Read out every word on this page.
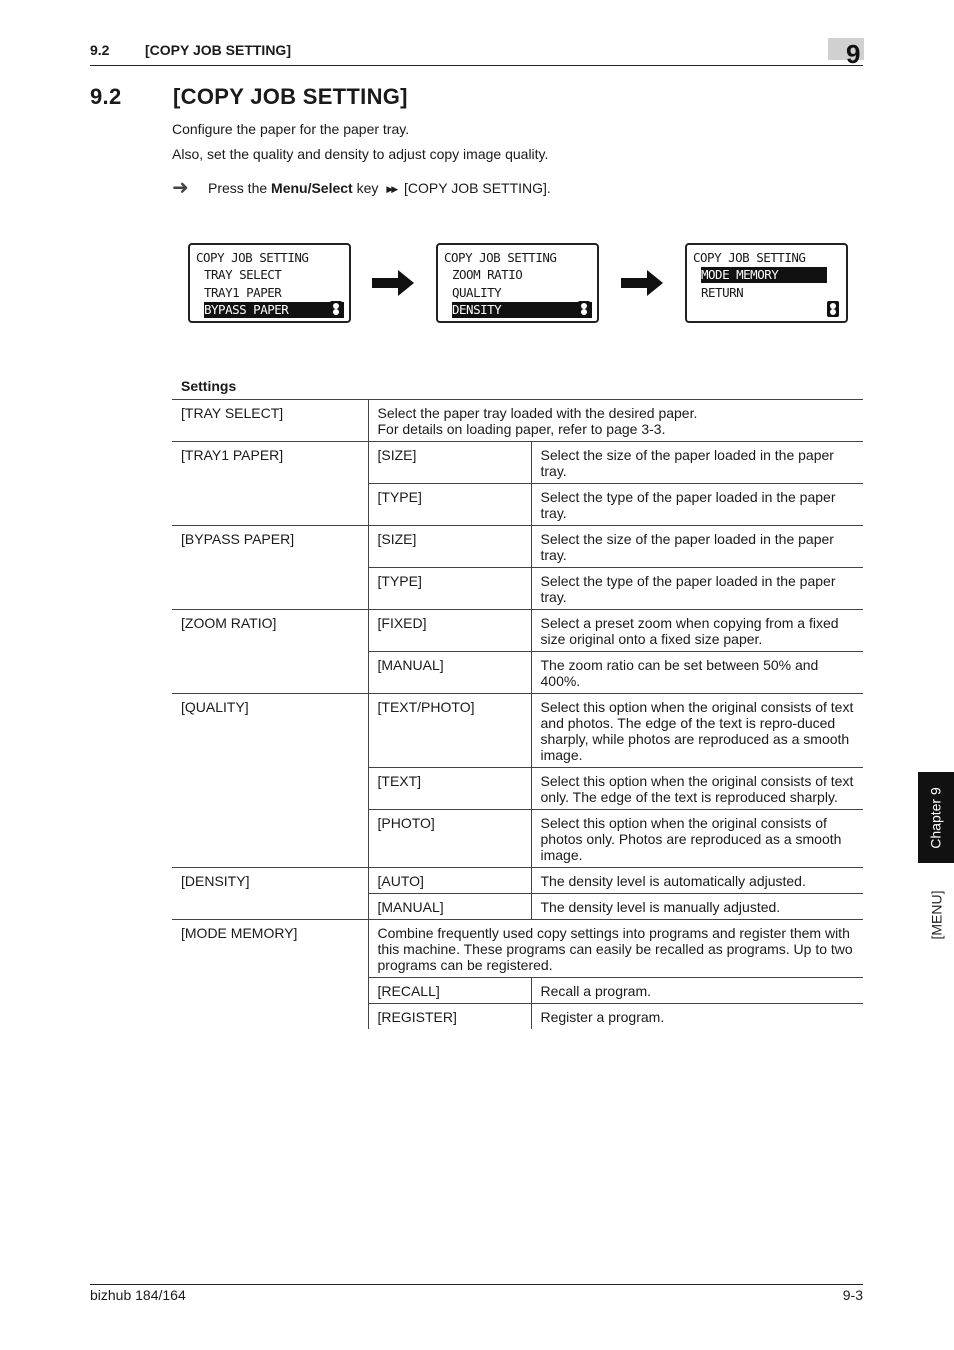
9.2	[COPY JOB SETTING]	9
9.2 [COPY JOB SETTING]
Configure the paper for the paper tray.
Also, set the quality and density to adjust copy image quality.
➜	Press the Menu/Select key ▶▶ [COPY JOB SETTING].
COPY JOB SETTING
TRAY SELECT
TRAY1 PAPER
BYPASS PAPER
COPY JOB SETTING
ZOOM RATIO
QUALITY
DENSITY
COPY JOB SETTING
MODE MEMORY
RETURN
Settings
[TRAY SELECT]	Select the paper tray loaded with the desired paper.
For details on loading paper, refer to page 3-3.	
[TRAY1 PAPER]	[SIZE]	Select the size of the paper loaded in the paper tray.
	[TYPE]	Select the type of the paper loaded in the paper tray.
[BYPASS PAPER]	[SIZE]	Select the size of the paper loaded in the paper tray.
	[TYPE]	Select the type of the paper loaded in the paper tray.
[ZOOM RATIO]	[FIXED]	Select a preset zoom when copying from a fixed size original onto a fixed size paper.
	[MANUAL]	The zoom ratio can be set between 50% and 400%.
[QUALITY]	[TEXT/PHOTO]	Select this option when the original consists of text and photos. The edge of the text is repro-duced sharply, while photos are reproduced as a smooth image.
	[TEXT]	Select this option when the original consists of text only. The edge of the text is reproduced sharply.
	[PHOTO]	Select this option when the original consists of photos only. Photos are reproduced as a smooth image.
[DENSITY]	[AUTO]	The density level is automatically adjusted.
	[MANUAL]	The density level is manually adjusted.
[MODE MEMORY]	Combine frequently used copy settings into programs and register them with this machine. These programs can easily be recalled as programs. Up to two programs can be registered.	
	[RECALL]	Recall a program.
	[REGISTER]	Register a program.
Chapter 9
[MENU]
bizhub 184/164	9-3
